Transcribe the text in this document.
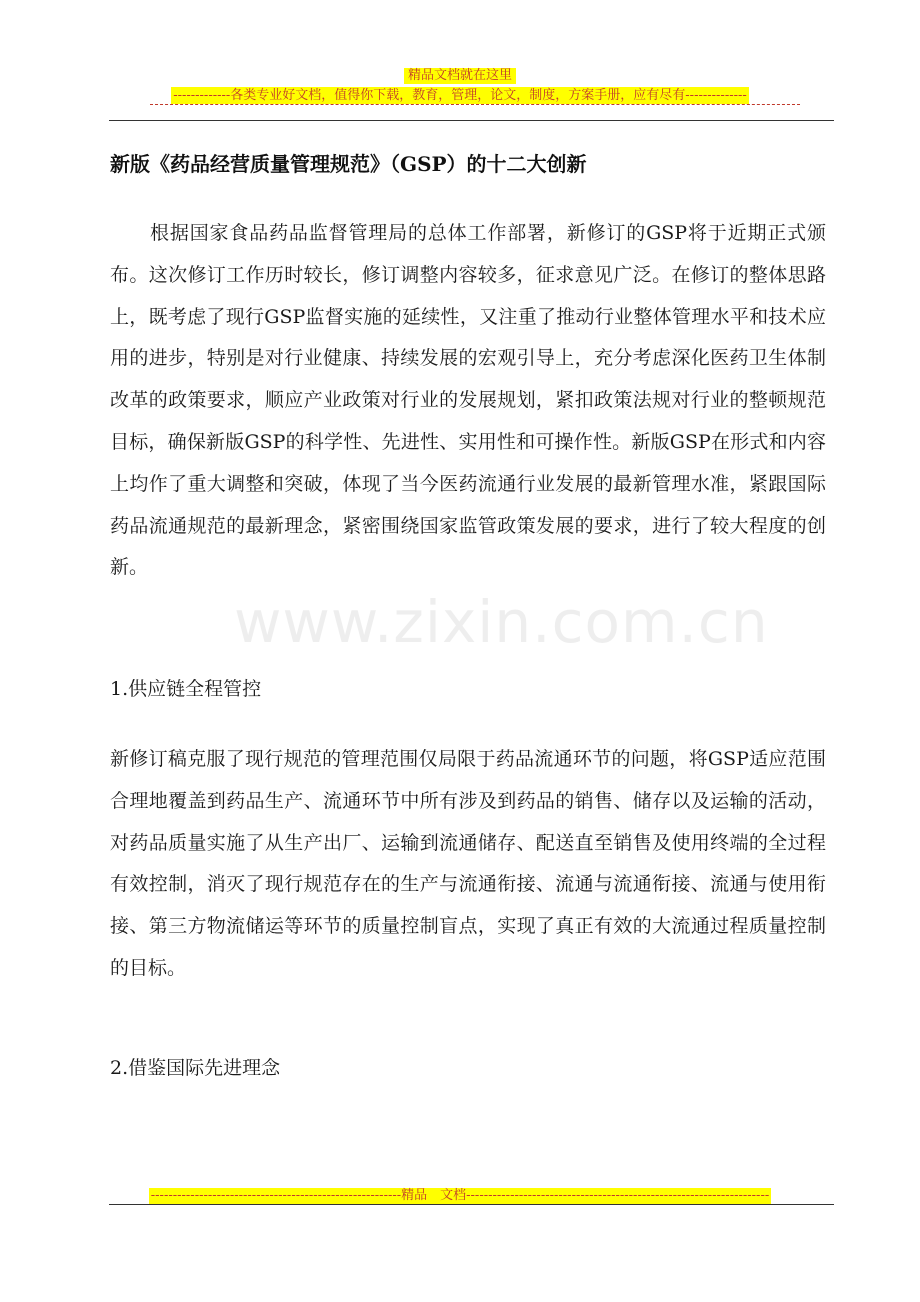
精品文档就在这里
-------------各类专业好文档，值得你下载，教育，管理，论文，制度，方案手册，应有尽有--------------
新版《药品经营质量管理规范》（GSP）的十二大创新

根据国家食品药品监督管理局的总体工作部署，新修订的GSP将于近期正式颁布。这次修订工作历时较长，修订调整内容较多，征求意见广泛。在修订的整体思路上，既考虑了现行GSP监督实施的延续性，又注重了推动行业整体管理水平和技术应用的进步，特别是对行业健康、持续发展的宏观引导上，充分考虑深化医药卫生体制改革的政策要求，顺应产业政策对行业的发展规划，紧扣政策法规对行业的整顿规范目标，确保新版GSP的科学性、先进性、实用性和可操作性。新版GSP在形式和内容上均作了重大调整和突破，体现了当今医药流通行业发展的最新管理水准，紧跟国际药品流通规范的最新理念，紧密围绕国家监管政策发展的要求，进行了较大程度的创新。

1.供应链全程管控

新修订稿克服了现行规范的管理范围仅局限于药品流通环节的问题，将GSP适应范围合理地覆盖到药品生产、流通环节中所有涉及到药品的销售、储存以及运输的活动，对药品质量实施了从生产出厂、运输到流通储存、配送直至销售及使用终端的全过程有效控制，消灭了现行规范存在的生产与流通衔接、流通与流通衔接、流通与使用衔接、第三方物流储运等环节的质量控制盲点，实现了真正有效的大流通过程质量控制的目标。

2.借鉴国际先进理念
www.zixin.com.cn
---------------------------------------------------------精品　文档---------------------------------------------------------------------
